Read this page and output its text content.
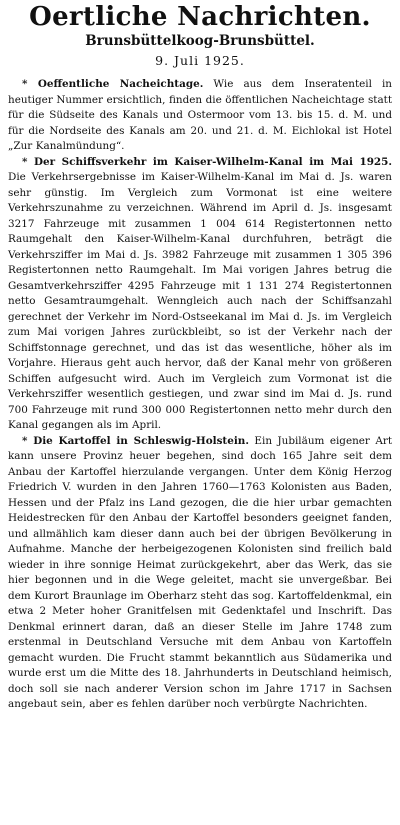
Oertliche Nachrichten.
Brunsbüttelkoog-Brunsbüttel.
9. Juli 1925.

* Oeffentliche Nacheichtage. Wie aus dem Inseratenteil in heutiger Nummer ersichtlich, finden die öffentlichen Nacheichtage statt für die Südseite des Kanals und Ostermoor vom 13. bis 15. d. M. und für die Nordseite des Kanals am 20. und 21. d. M. Eichlokal ist Hotel „Zur Kanalmündung“.

* Der Schiffsverkehr im Kaiser-Wilhelm-Kanal im Mai 1925. Die Verkehrsergebnisse im Kaiser-Wilhelm-Kanal im Mai d. Js. waren sehr günstig. Im Vergleich zum Vormonat ist eine weitere Verkehrszunahme zu verzeichnen. Während im April d. Js. insgesamt 3217 Fahrzeuge mit zusammen 1 004 614 Registertonnen netto Raumgehalt den Kaiser-Wilhelm-Kanal durchfuhren, beträgt die Verkehrsziffer im Mai d. Js. 3982 Fahrzeuge mit zusammen 1 305 396 Registertonnen netto Raumgehalt. Im Mai vorigen Jahres betrug die Gesamtverkehrsziffer 4295 Fahrzeuge mit 1 131 274 Registertonnen netto Gesamtraumgehalt. Wenngleich auch nach der Schiffsanzahl gerechnet der Verkehr im Nord-Ostseekanal im Mai d. Js. im Vergleich zum Mai vorigen Jahres zurückbleibt, so ist der Verkehr nach der Schiffstonnage gerechnet, und das ist das wesentliche, höher als im Vorjahre. Hieraus geht auch hervor, daß der Kanal mehr von größeren Schiffen aufgesucht wird. Auch im Vergleich zum Vormonat ist die Verkehrsziffer wesentlich gestiegen, und zwar sind im Mai d. Js. rund 700 Fahrzeuge mit rund 300 000 Registertonnen netto mehr durch den Kanal gegangen als im April.

* Die Kartoffel in Schleswig-Holstein. Ein Jubiläum eigener Art kann unsere Provinz heuer begehen, sind doch 165 Jahre seit dem Anbau der Kartoffel hierzulande vergangen. Unter dem König Herzog Friedrich V. wurden in den Jahren 1760—1763 Kolonisten aus Baden, Hessen und der Pfalz ins Land gezogen, die die hier urbar gemachten Heidestrecken für den Anbau der Kartoffel besonders geeignet fanden, und allmählich kam dieser dann auch bei der übrigen Bevölkerung in Aufnahme. Manche der herbeigezogenen Kolonisten sind freilich bald wieder in ihre sonnige Heimat zurückgekehrt, aber das Werk, das sie hier begonnen und in die Wege geleitet, macht sie unvergeßbar. Bei dem Kurort Braunlage im Oberharz steht das sog. Kartoffeldenkmal, ein etwa 2 Meter hoher Granitfelsen mit Gedenktafel und Inschrift. Das Denkmal erinnert daran, daß an dieser Stelle im Jahre 1748 zum erstenmal in Deutschland Versuche mit dem Anbau von Kartoffeln gemacht wurden. Die Frucht stammt bekanntlich aus Südamerika und wurde erst um die Mitte des 18. Jahrhunderts in Deutschland heimisch, doch soll sie nach anderer Version schon im Jahre 1717 in Sachsen angebaut sein, aber es fehlen darüber noch verbürgte Nachrichten.
